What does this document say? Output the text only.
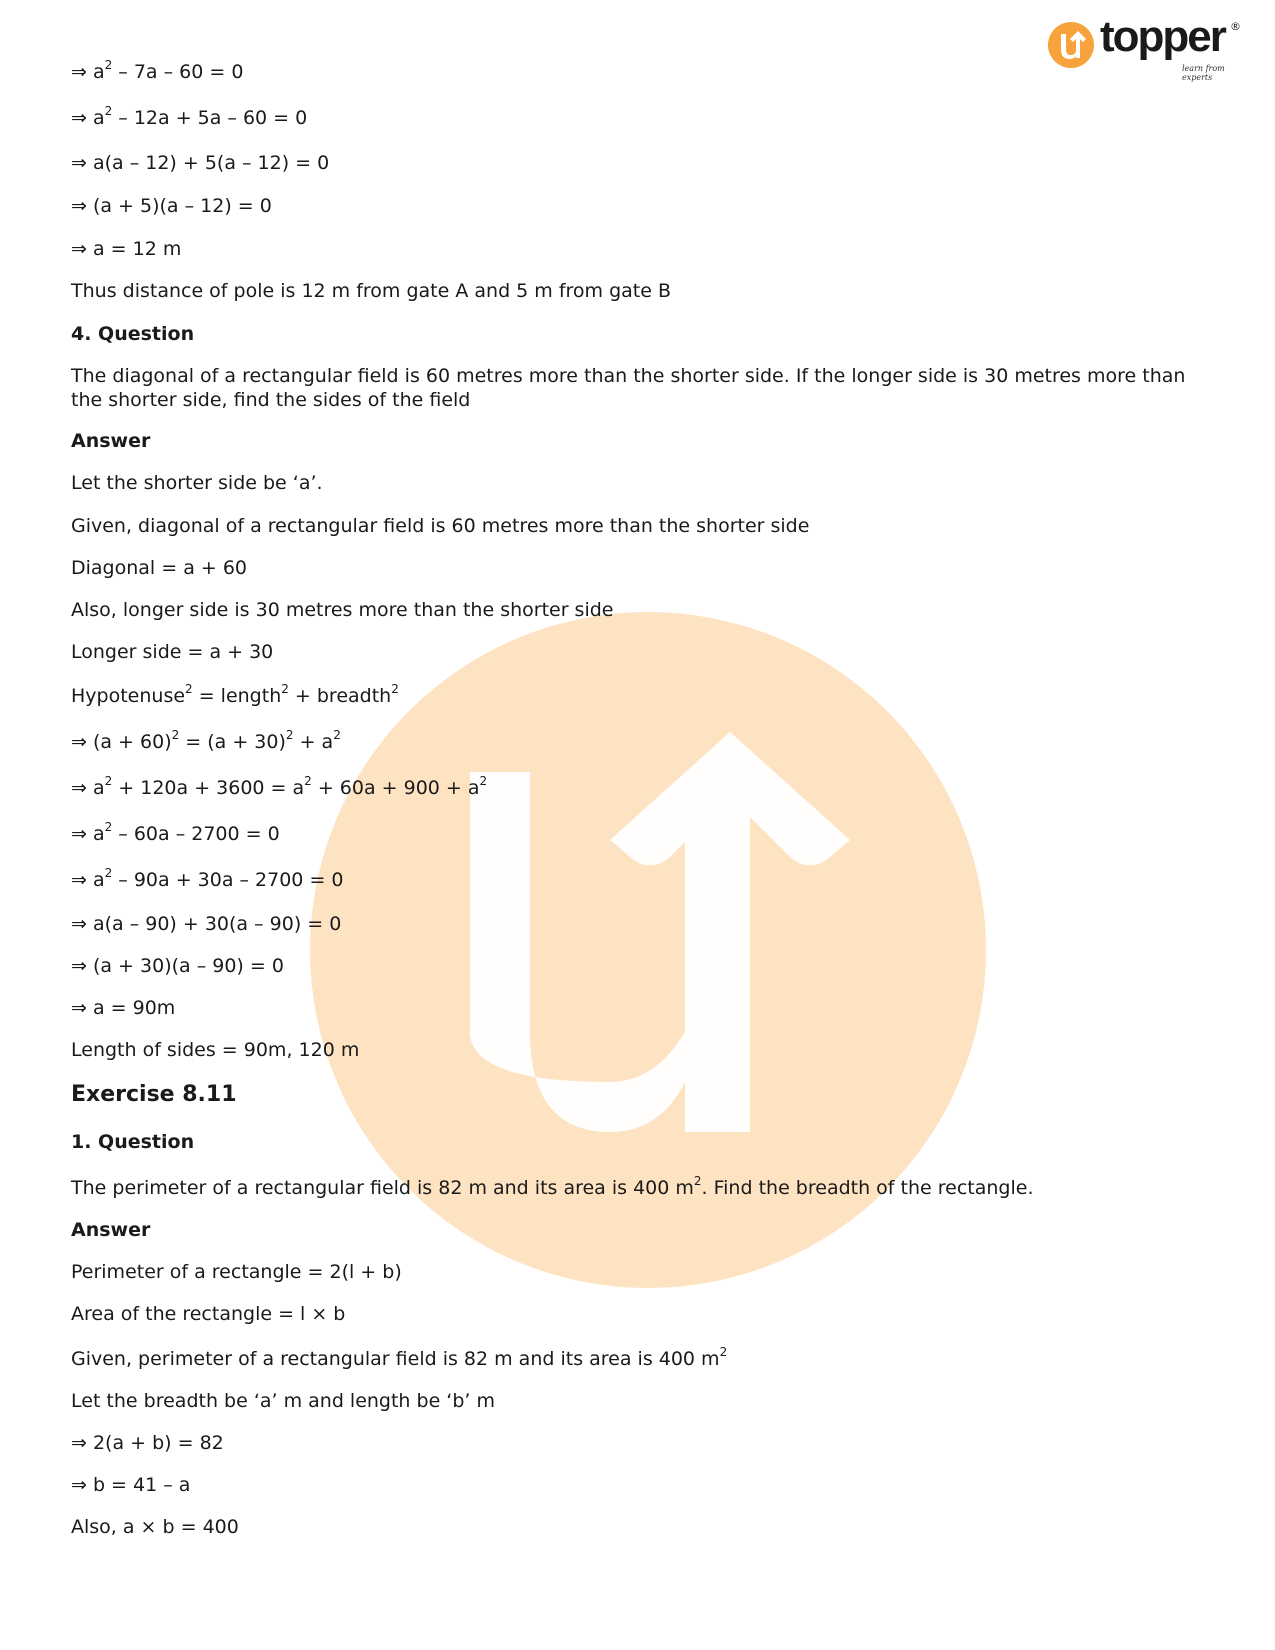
topper ®
learn from experts
⇒ $a^2 - 7a - 60 = 0$
⇒ $a^2 - 12a + 5a - 60 = 0$
⇒ a(a – 12) + 5(a – 12) = 0
⇒ (a + 5)(a – 12) = 0
⇒ a = 12 m
Thus distance of pole is 12 m from gate A and 5 m from gate B
4. Question
The diagonal of a rectangular field is 60 metres more than the shorter side. If the longer side is 30 metres more than the shorter side, find the sides of the field
Answer
Let the shorter side be ‘a’.
Given, diagonal of a rectangular field is 60 metres more than the shorter side
Diagonal = a + 60
Also, longer side is 30 metres more than the shorter side
Longer side = a + 30
Hypotenuse$^2$ = length$^2$ + breadth$^2$
⇒ $(a + 60)^2 = (a + 30)^2 + a^2$
⇒ $a^2 + 120a + 3600 = a^2 + 60a + 900 + a^2$
⇒ $a^2 - 60a - 2700 = 0$
⇒ $a^2 - 90a + 30a - 2700 = 0$
⇒ a(a – 90) + 30(a – 90) = 0
⇒ (a + 30)(a – 90) = 0
⇒ a = 90m
Length of sides = 90m, 120 m
Exercise 8.11
1. Question
The perimeter of a rectangular field is 82 m and its area is 400 $m^2$. Find the breadth of the rectangle.
Answer
Perimeter of a rectangle = 2(l + b)
Area of the rectangle = l × b
Given, perimeter of a rectangular field is 82 m and its area is 400 $m^2$
Let the breadth be ‘a’ m and length be ‘b’ m
⇒ 2(a + b) = 82
⇒ b = 41 – a
Also, a × b = 400
